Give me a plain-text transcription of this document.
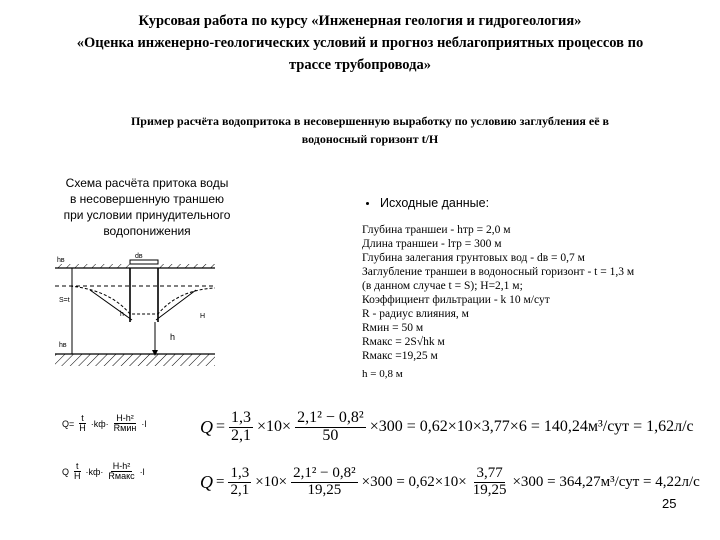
Курсовая работа по курсу «Инженерная геология и гидрогеология»
«Оценка инженерно-геологических условий и прогноз неблагоприятных процессов по
трассе трубопровода»
Пример расчёта водопритока в несовершенную выработку по условию заглубления её в
водоносный горизонт t/H
Схема расчёта притока воды
в несовершенную траншею
при условии принудительного
водопонижения
hв
dв
S=t
h
h
hв
H
Исходные данные:
Глубина траншеи - hтр = 2,0 м
Длина траншеи - lтр = 300 м
Глубина залегания грунтовых вод - dв = 0,7 м
Заглубление траншеи в водоносный горизонт - t = 1,3 м
(в данном случае t = S); H=2,1 м;
Коэффициент фильтрации - k 10 м/сут
R - радиус влияния, м
Rмин = 50 м
Rмакс = 2S√hk м
Rмакс =19,25 м
h = 0,8 м
$Q= \frac{t}{H} \cdot kф\cdot \frac{\text{H-h²}}{\text{Rмин}} \cdot l$	$Q = \frac{1,3}{2,1} \times 10\times \frac{\text{2,1² − 0,8²}}{50} \times 300 = 0,62\times 10\times 3,77\times 6 = 140,24м^3/сут = 1,62л/с$
Q $\frac{t}{H} \cdot kф\cdot \frac{\text{H-h²}}{\text{Rмакс}} \cdot l$	$Q = \frac{1,3}{2,1} \times 10\times \frac{\text{2,1² − 0,8²}}{19,25} \times 300 = 0,62\times 10\times \frac{3,77}{19,25} \times 300 = 364,27м^3/сут = 4,22л/с$
25
